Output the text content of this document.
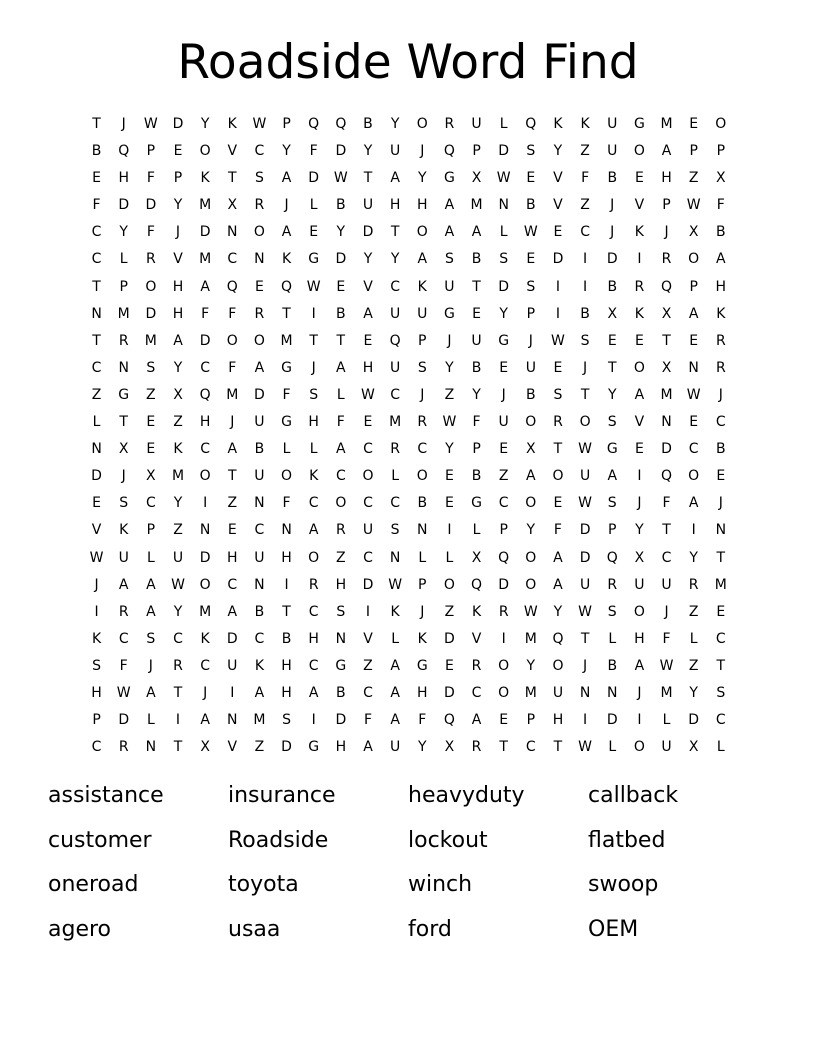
Roadside Word Find
T	J	W	D	Y	K	W	P	Q	Q	B	Y	O	R	U	L	Q	K	K	U	G	M	E	O
B	Q	P	E	O	V	C	Y	F	D	Y	U	J	Q	P	D	S	Y	Z	U	O	A	P	P
E	H	F	P	K	T	S	A	D	W	T	A	Y	G	X	W	E	V	F	B	E	H	Z	X
F	D	D	Y	M	X	R	J	L	B	U	H	H	A	M	N	B	V	Z	J	V	P	W	F
C	Y	F	J	D	N	O	A	E	Y	D	T	O	A	A	L	W	E	C	J	K	J	X	B
C	L	R	V	M	C	N	K	G	D	Y	Y	A	S	B	S	E	D	I	D	I	R	O	A
T	P	O	H	A	Q	E	Q	W	E	V	C	K	U	T	D	S	I	I	B	R	Q	P	H
N	M	D	H	F	F	R	T	I	B	A	U	U	G	E	Y	P	I	B	X	K	X	A	K
T	R	M	A	D	O	O	M	T	T	E	Q	P	J	U	G	J	W	S	E	E	T	E	R
C	N	S	Y	C	F	A	G	J	A	H	U	S	Y	B	E	U	E	J	T	O	X	N	R
Z	G	Z	X	Q	M	D	F	S	L	W	C	J	Z	Y	J	B	S	T	Y	A	M	W	J
L	T	E	Z	H	J	U	G	H	F	E	M	R	W	F	U	O	R	O	S	V	N	E	C
N	X	E	K	C	A	B	L	L	A	C	R	C	Y	P	E	X	T	W	G	E	D	C	B
D	J	X	M	O	T	U	O	K	C	O	L	O	E	B	Z	A	O	U	A	I	Q	O	E
E	S	C	Y	I	Z	N	F	C	O	C	C	B	E	G	C	O	E	W	S	J	F	A	J
V	K	P	Z	N	E	C	N	A	R	U	S	N	I	L	P	Y	F	D	P	Y	T	I	N
W	U	L	U	D	H	U	H	O	Z	C	N	L	L	X	Q	O	A	D	Q	X	C	Y	T
J	A	A	W	O	C	N	I	R	H	D	W	P	O	Q	D	O	A	U	R	U	U	R	M
I	R	A	Y	M	A	B	T	C	S	I	K	J	Z	K	R	W	Y	W	S	O	J	Z	E
K	C	S	C	K	D	C	B	H	N	V	L	K	D	V	I	M	Q	T	L	H	F	L	C
S	F	J	R	C	U	K	H	C	G	Z	A	G	E	R	O	Y	O	J	B	A	W	Z	T
H	W	A	T	J	I	A	H	A	B	C	A	H	D	C	O	M	U	N	N	J	M	Y	S
P	D	L	I	A	N	M	S	I	D	F	A	F	Q	A	E	P	H	I	D	I	L	D	C
C	R	N	T	X	V	Z	D	G	H	A	U	Y	X	R	T	C	T	W	L	O	U	X	L
assistance	insurance	heavyduty	callback
customer	Roadside	lockout	flatbed
oneroad	toyota	winch	swoop
agero	usaa	ford	OEM
